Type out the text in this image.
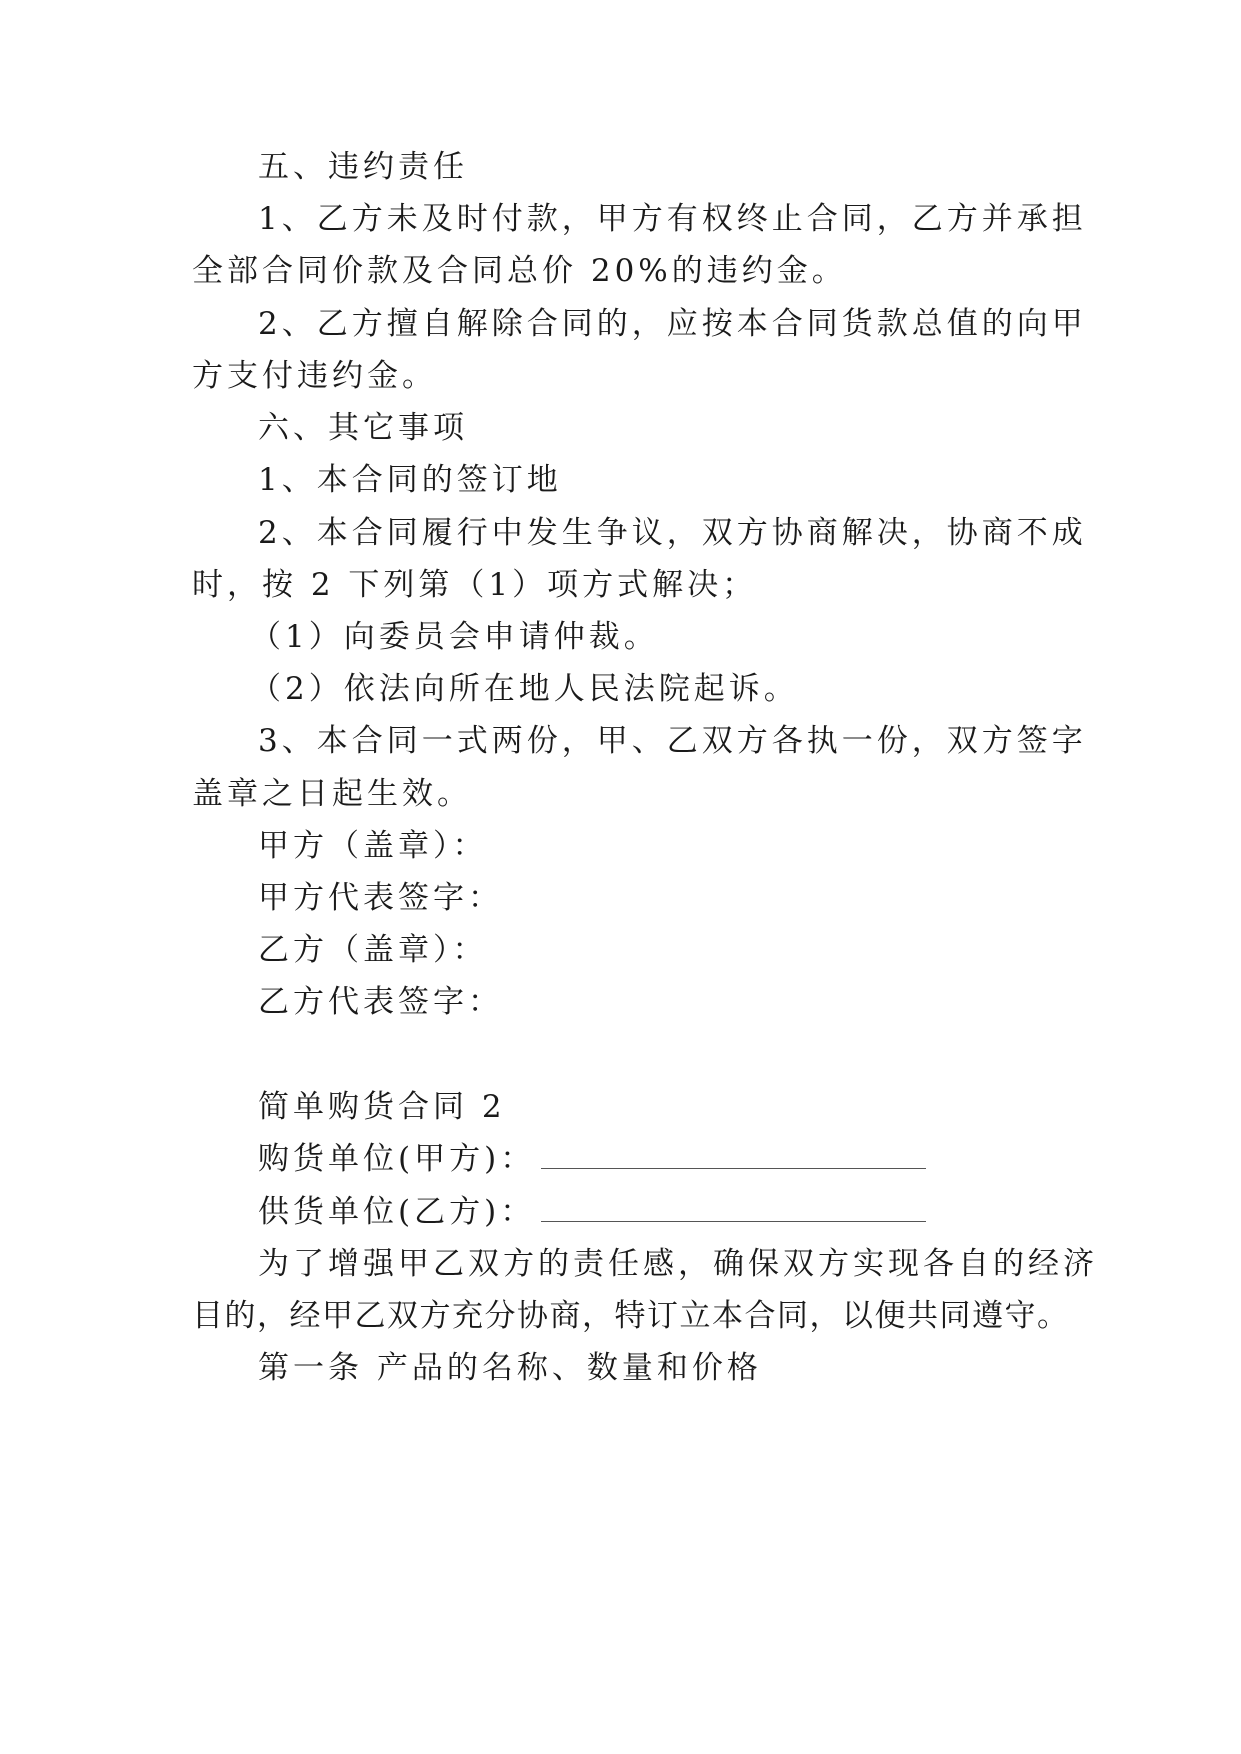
五、违约责任
1、乙方未及时付款，甲方有权终止合同，乙方并承担
全部合同价款及合同总价 20%的违约金。
2、乙方擅自解除合同的，应按本合同货款总值的向甲
方支付违约金。
六、其它事项
1、本合同的签订地
2、本合同履行中发生争议，双方协商解决，协商不成
时，按 2 下列第（1）项方式解决；
（1）向委员会申请仲裁。
（2）依法向所在地人民法院起诉。
3、本合同一式两份，甲、乙双方各执一份，双方签字
盖章之日起生效。
甲方（盖章）：
甲方代表签字：
乙方（盖章）：
乙方代表签字：
简单购货合同 2
购货单位(甲方)：
供货单位(乙方)：
为了增强甲乙双方的责任感，确保双方实现各自的经济
目的，经甲乙双方充分协商，特订立本合同，以便共同遵守。
第一条 产品的名称、数量和价格
